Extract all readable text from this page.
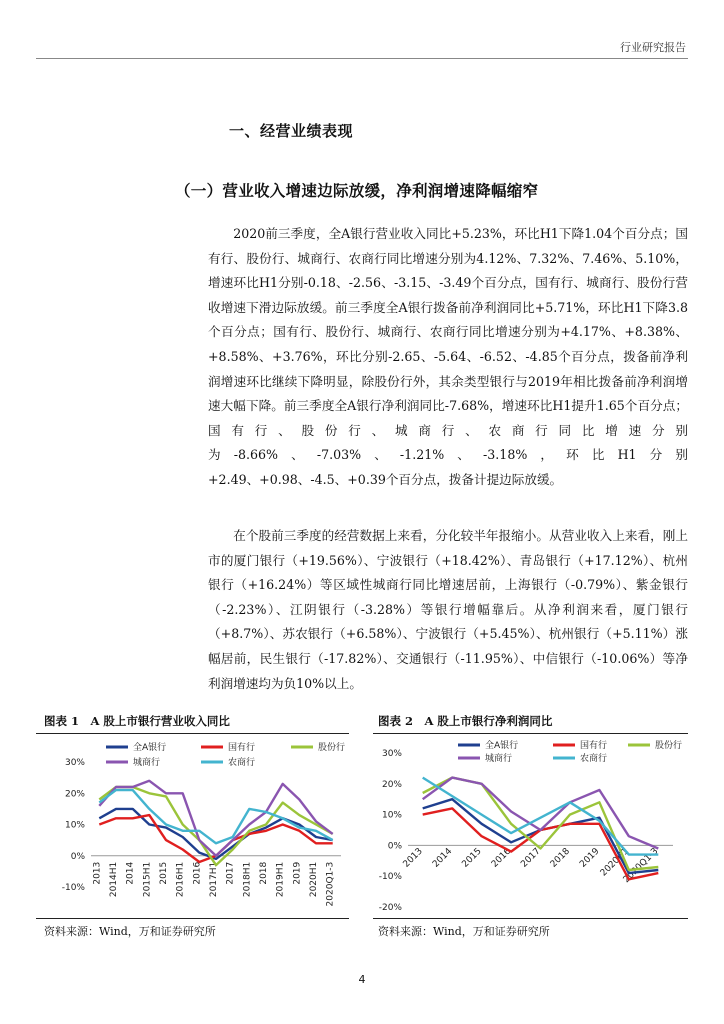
行业研究报告
一、经营业绩表现
（一）营业收入增速边际放缓，净利润增速降幅缩窄
2020前三季度，全A银行营业收入同比+5.23%，环比H1下降1.04个百分点；国有行、股份行、城商行、农商行同比增速分别为4.12%、7.32%、7.46%、5.10%，增速环比H1分别-0.18、-2.56、-3.15、-3.49个百分点，国有行、城商行、股份行营收增速下滑边际放缓。前三季度全A银行拨备前净利润同比+5.71%，环比H1下降3.8个百分点；国有行、股份行、城商行、农商行同比增速分别为+4.17%、+8.38%、+8.58%、+3.76%，环比分别-2.65、-5.64、-6.52、-4.85个百分点，拨备前净利润增速环比继续下降明显，除股份行外，其余类型银行与2019年相比拨备前净利润增速大幅下降。前三季度全A银行净利润同比-7.68%，增速环比H1提升1.65个百分点；国有行、股份行、城商行、农商行同比增速分别为-8.66%、-7.03%、-1.21%、-3.18%，环比H1分别+2.49、+0.98、-4.5、+0.39个百分点，拨备计提边际放缓。
在个股前三季度的经营数据上来看，分化较半年报缩小。从营业收入上来看，刚上市的厦门银行（+19.56%）、宁波银行（+18.42%）、青岛银行（+17.12%）、杭州银行（+16.24%）等区域性城商行同比增速居前，上海银行（-0.79%）、紫金银行（-2.23%）、江阴银行（-3.28%）等银行增幅靠后。从净利润来看，厦门银行（+8.7%）、苏农银行（+6.58%）、宁波银行（+5.45%）、杭州银行（+5.11%）涨幅居前，民生银行（-17.82%）、交通银行（-11.95%）、中信银行（-10.06%）等净利润增速均为负10%以上。
图表 1　A 股上市银行营业收入同比	图表 2　A 股上市银行净利润同比
全A银行	国有行	股份行
城商行	农商行
-10%
0%
10%
20%
30%
2013 2014H1 2014 2015H1 2015 2016H1 2016 2017H1 2017 2018H1 2018 2019H1 2019 2020H1 2020Q1-3
全A银行	国有行	股份行
城商行	农商行
-20%
-10%
0%
10%
20%
30%
2013 2014 2015 2016 2017 2018 2019
2020H1
2020Q1-3
资料来源：Wind，万和证券研究所	资料来源：Wind，万和证券研究所
4
